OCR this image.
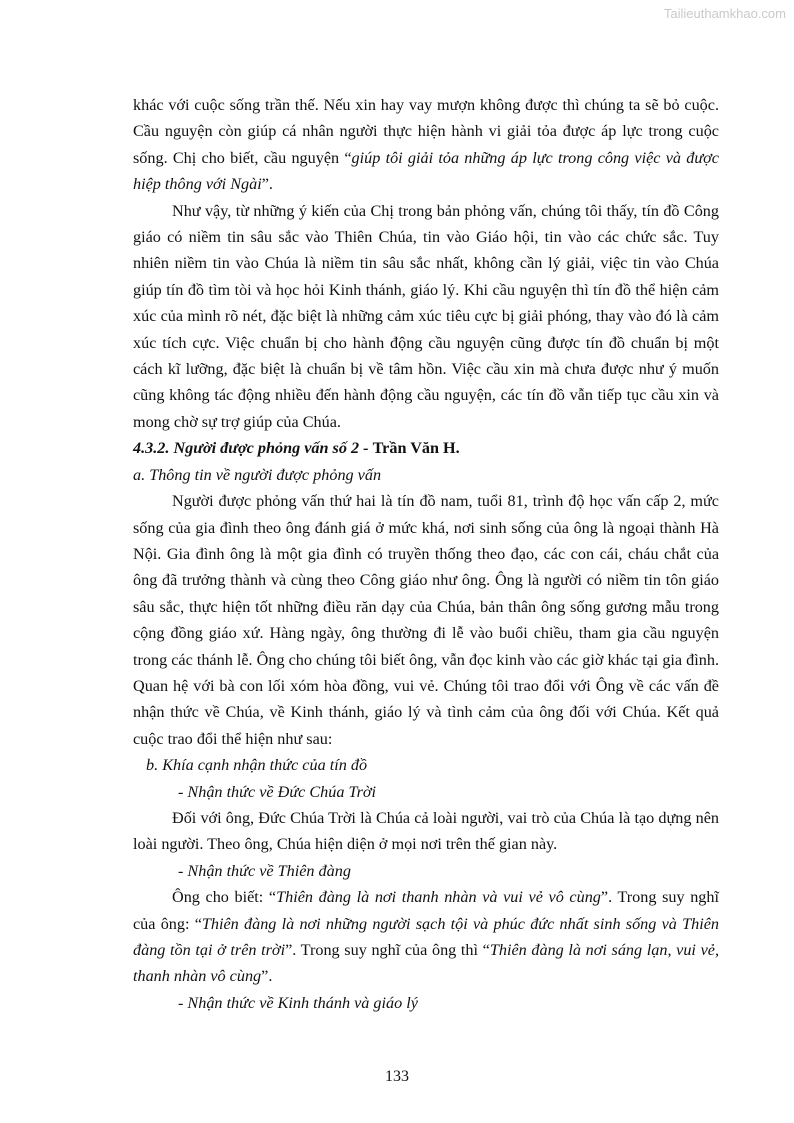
Tailieuthamkhao.com

khác với cuộc sống trần thế. Nếu xin hay vay mượn không được thì chúng ta sẽ bỏ cuộc. Cầu nguyện còn giúp cá nhân người thực hiện hành vi giải tỏa được áp lực trong cuộc sống. Chị cho biết, cầu nguyện “giúp tôi giải tỏa những áp lực trong công việc và được hiệp thông với Ngài”.

Như vậy, từ những ý kiến của Chị trong bản phỏng vấn, chúng tôi thấy, tín đồ Công giáo có niềm tin sâu sắc vào Thiên Chúa, tin vào Giáo hội, tin vào các chức sắc. Tuy nhiên niềm tin vào Chúa là niềm tin sâu sắc nhất, không cần lý giải, việc tin vào Chúa giúp tín đồ tìm tòi và học hỏi Kinh thánh, giáo lý. Khi cầu nguyện thì tín đồ thể hiện cảm xúc của mình rõ nét, đặc biệt là những cảm xúc tiêu cực bị giải phóng, thay vào đó là cảm xúc tích cực. Việc chuẩn bị cho hành động cầu nguyện cũng được tín đồ chuẩn bị một cách kĩ lưỡng, đặc biệt là chuẩn bị về tâm hồn. Việc cầu xin mà chưa được như ý muốn cũng không tác động nhiều đến hành động cầu nguyện, các tín đồ vẫn tiếp tục cầu xin và mong chờ sự trợ giúp của Chúa.

4.3.2. Người được phỏng vấn số 2 - Trần Văn H.

a. Thông tin về người được phỏng vấn

Người được phỏng vấn thứ hai là tín đồ nam, tuổi 81, trình độ học vấn cấp 2, mức sống của gia đình theo ông đánh giá ở mức khá, nơi sinh sống của ông là ngoại thành Hà Nội. Gia đình ông là một gia đình có truyền thống theo đạo, các con cái, cháu chắt của ông đã trưởng thành và cùng theo Công giáo như ông. Ông là người có niềm tin tôn giáo sâu sắc, thực hiện tốt những điều răn dạy của Chúa, bản thân ông sống gương mẫu trong cộng đồng giáo xứ. Hàng ngày, ông thường đi lễ vào buổi chiều, tham gia cầu nguyện trong các thánh lễ. Ông cho chúng tôi biết ông, vẫn đọc kinh vào các giờ khác tại gia đình. Quan hệ với bà con lối xóm hòa đồng, vui vẻ. Chúng tôi trao đổi với Ông về các vấn đề nhận thức về Chúa, về Kinh thánh, giáo lý và tình cảm của ông đối với Chúa. Kết quả cuộc trao đổi thể hiện như sau:

b. Khía cạnh nhận thức của tín đồ

- Nhận thức về Đức Chúa Trời

Đối với ông, Đức Chúa Trời là Chúa cả loài người, vai trò của Chúa là tạo dựng nên loài người. Theo ông, Chúa hiện diện ở mọi nơi trên thế gian này.

- Nhận thức về Thiên đàng

Ông cho biết: “Thiên đàng là nơi thanh nhàn và vui vẻ vô cùng”. Trong suy nghĩ của ông: “Thiên đàng là nơi những người sạch tội và phúc đức nhất sinh sống và Thiên đàng tồn tại ở trên trời”. Trong suy nghĩ của ông thì “Thiên đàng là nơi sáng lạn, vui vẻ, thanh nhàn vô cùng”.

- Nhận thức về Kinh thánh và giáo lý

133
